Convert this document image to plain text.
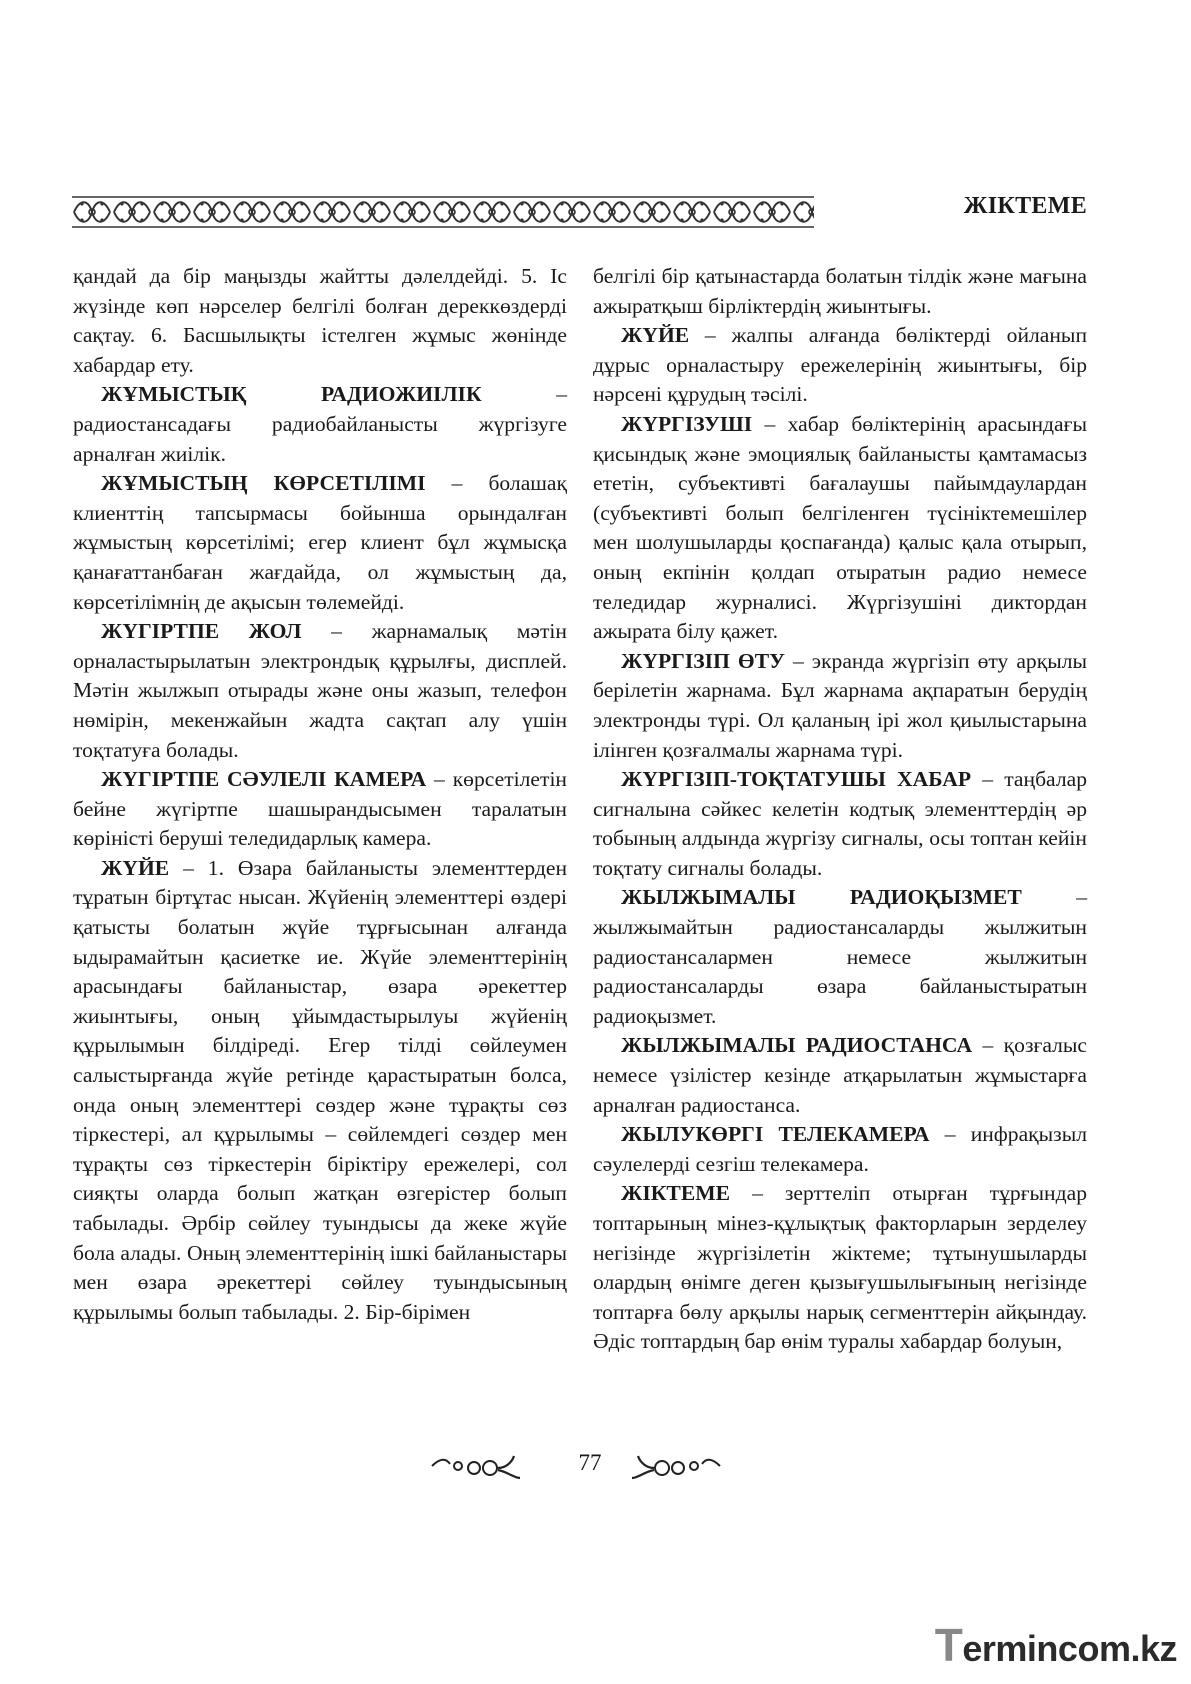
ЖІКТЕМЕ

қандай да бір маңызды жайтты дәлелдейді. 5. Іс жүзінде көп нәрселер белгілі болған дереккөздерді сақтау. 6. Басшылықты істелген жұмыс жөнінде хабардар ету.

ЖҰМЫСТЫҚ РАДИОЖИІЛІК – радиостансадағы радиобайланысты жүргізуге арналған жиілік.

ЖҰМЫСТЫҢ КӨРСЕТІЛІМІ – болашақ клиенттің тапсырмасы бойынша орындалған жұмыстың көрсетілімі; егер клиент бұл жұмысқа қанағаттанбаған жағдайда, ол жұмыстың да, көрсетілімнің де ақысын төлемейді.

ЖҮГІРТПЕ ЖОЛ – жарнамалық мәтін орналастырылатын электрондық құрылғы, дисплей. Мәтін жылжып отырады және оны жазып, телефон нөмірін, мекенжайын жадта сақтап алу үшін тоқтатуға болады.

ЖҮГІРТПЕ СӘУЛЕЛІ КАМЕРА – көрсетілетін бейне жүгіртпе шашырандысымен таралатын көріністі беруші теледидарлық камера.

ЖҮЙЕ – 1. Өзара байланысты элементтерден тұратын біртұтас нысан. Жүйенің элементтері өздері қатысты болатын жүйе тұрғысынан алғанда ыдырамайтын қасиетке ие. Жүйе элементтерінің арасындағы байланыстар, өзара әрекеттер жиынтығы, оның ұйымдастырылуы жүйенің құрылымын білдіреді. Егер тілді сөйлеумен салыстырғанда жүйе ретінде қарастыратын болса, онда оның элементтері сөздер және тұрақты сөз тіркестері, ал құрылымы – сөйлемдегі сөздер мен тұрақты сөз тіркестерін біріктіру ережелері, сол сияқты оларда болып жатқан өзгерістер болып табылады. Әрбір сөйлеу туындысы да жеке жүйе бола алады. Оның элементтерінің ішкі байланыстары мен өзара әрекеттері сөйлеу туындысының құрылымы болып табылады. 2. Бір-бірімен

белгілі бір қатынастарда болатын тілдік және мағына ажыратқыш бірліктердің жиынтығы.

ЖҮЙЕ – жалпы алғанда бөліктерді ойланып дұрыс орналастыру ережелерінің жиынтығы, бір нәрсені құрудың тәсілі.

ЖҮРГІЗУШІ – хабар бөліктерінің арасындағы қисындық және эмоциялық байланысты қамтамасыз ететін, субъективті бағалаушы пайымдаулардан (субъективті болып белгіленген түсініктемешілер мен шолушыларды қоспағанда) қалыс қала отырып, оның екпінін қолдап отыратын радио немесе теледидар журналисі. Жүргізушіні диктордан ажырата білу қажет.

ЖҮРГІЗІП ӨТУ – экранда жүргізіп өту арқылы берілетін жарнама. Бұл жарнама ақпаратын берудің электронды түрі. Ол қаланың ірі жол қиылыстарына ілінген қозғалмалы жарнама түрі.

ЖҮРГІЗІП-ТОҚТАТУШЫ ХАБАР – таңбалар сигналына сәйкес келетін кодтық элементтердің әр тобының алдында жүргізу сигналы, осы топтан кейін тоқтату сигналы болады.

ЖЫЛЖЫМАЛЫ РАДИОҚЫЗМЕТ – жылжымайтын радиостансаларды жылжитын радиостансалармен немесе жылжитын радиостансаларды өзара байланыстыратын радиоқызмет.

ЖЫЛЖЫМАЛЫ РАДИОСТАНСА – қозғалыс немесе үзілістер кезінде атқарылатын жұмыстарға арналған радиостанса.

ЖЫЛУКӨРГІ ТЕЛЕКАМЕРА – инфрақызыл сәулелерді сезгіш телекамера.

ЖІКТЕМЕ – зерттеліп отырған тұрғындар топтарының мінез-құлықтық факторларын зерделеу негізінде жүргізілетін жіктеме; тұтынушыларды олардың өнімге деген қызығушылығының негізінде топтарға бөлу арқылы нарық сегменттерін айқындау. Әдіс топтардың бар өнім туралы хабардар болуын,

77
Termincom.kz
